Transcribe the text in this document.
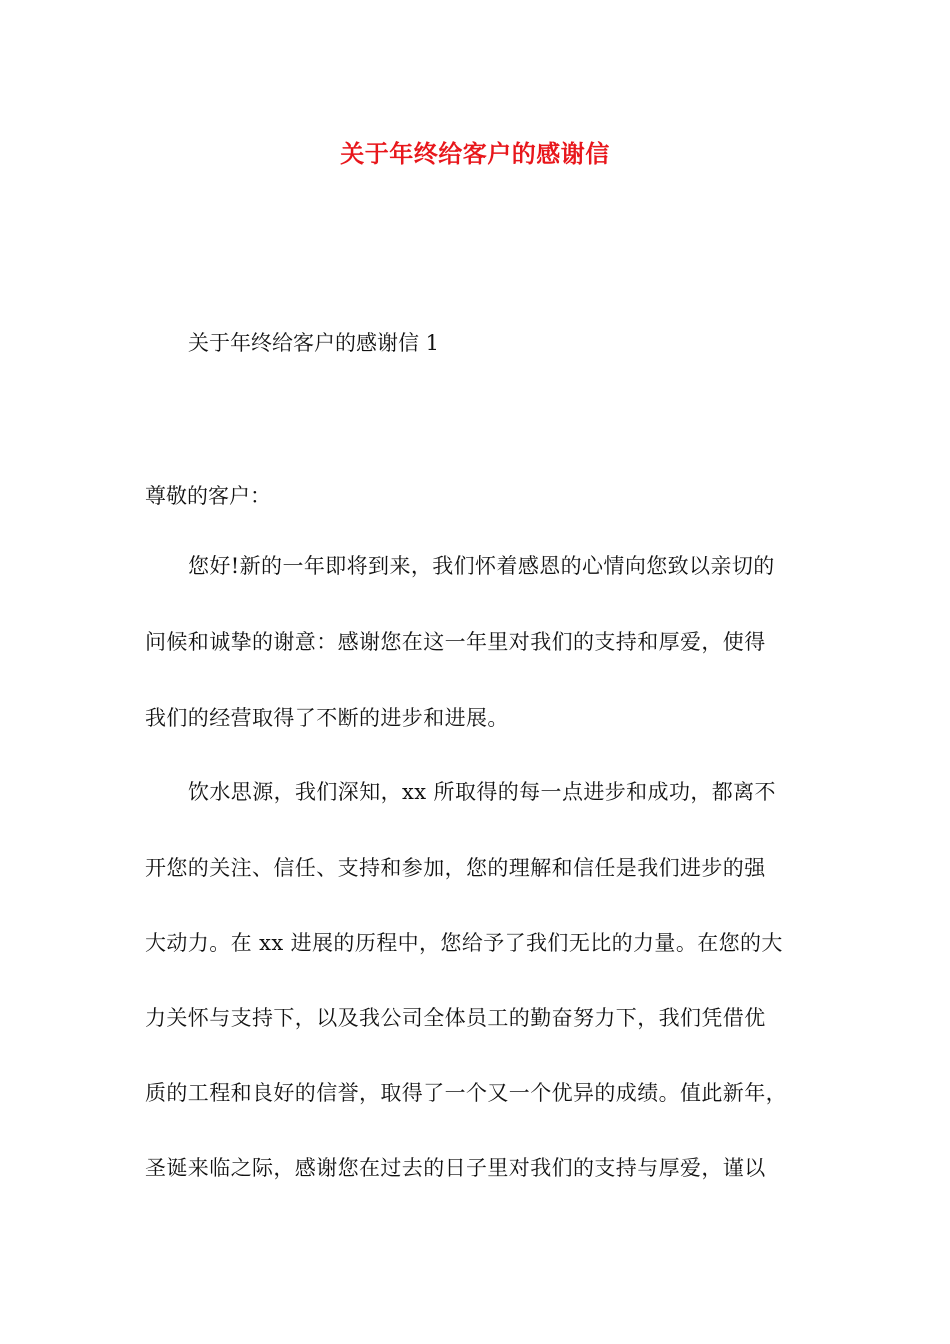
关于年终给客户的感谢信
关于年终给客户的感谢信 1
尊敬的客户：
您好!新的一年即将到来，我们怀着感恩的心情向您致以亲切的
问候和诚挚的谢意：感谢您在这一年里对我们的支持和厚爱，使得
我们的经营取得了不断的进步和进展。
饮水思源，我们深知，xx 所取得的每一点进步和成功，都离不
开您的关注、信任、支持和参加，您的理解和信任是我们进步的强
大动力。在 xx 进展的历程中，您给予了我们无比的力量。在您的大
力关怀与支持下，以及我公司全体员工的勤奋努力下，我们凭借优
质的工程和良好的信誉，取得了一个又一个优异的成绩。值此新年，
圣诞来临之际，感谢您在过去的日子里对我们的支持与厚爱，谨以
